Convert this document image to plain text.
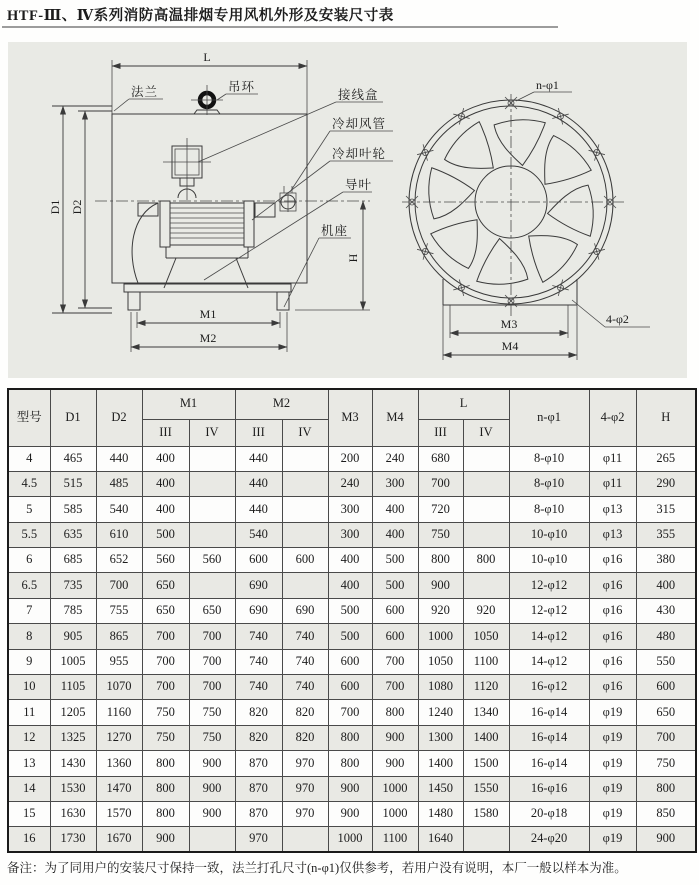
HTF-Ⅲ、Ⅳ系列消防高温排烟专用风机外形及安装尺寸表
L
D1 D2
M1
M2
H
法兰	吊环
接线盒
冷却风管
冷却叶轮
导叶
机座
n-φ1
M3
M4
4-φ2
型号	D1	D2	M1		M2		M3	M4	L		n-φ1	4-φ2	H
			III	IV	III	IV			III	IV			
4	465	440	400		440		200	240	680		8-φ10	φ11	265
4.5	515	485	400		440		240	300	700		8-φ10	φ11	290
5	585	540	400		440		300	400	720		8-φ10	φ13	315
5.5	635	610	500		540		300	400	750		10-φ10	φ13	355
6	685	652	560	560	600	600	400	500	800	800	10-φ10	φ16	380
6.5	735	700	650		690		400	500	900		12-φ12	φ16	400
7	785	755	650	650	690	690	500	600	920	920	12-φ12	φ16	430
8	905	865	700	700	740	740	500	600	1000	1050	14-φ12	φ16	480
9	1005	955	700	700	740	740	600	700	1050	1100	14-φ12	φ16	550
10	1105	1070	700	700	740	740	600	700	1080	1120	16-φ12	φ16	600
11	1205	1160	750	750	820	820	700	800	1240	1340	16-φ14	φ19	650
12	1325	1270	750	750	820	820	800	900	1300	1400	16-φ14	φ19	700
13	1430	1360	800	900	870	970	800	900	1400	1500	16-φ14	φ19	750
14	1530	1470	800	900	870	970	900	1000	1450	1550	16-φ16	φ19	800
15	1630	1570	800	900	870	970	900	1000	1480	1580	20-φ18	φ19	850
16	1730	1670	900		970		1000	1100	1640		24-φ20	φ19	900
备注：为了同用户的安装尺寸保持一致，法兰打孔尺寸(n-φ1)仅供参考，若用户没有说明，本厂一般以样本为准。
